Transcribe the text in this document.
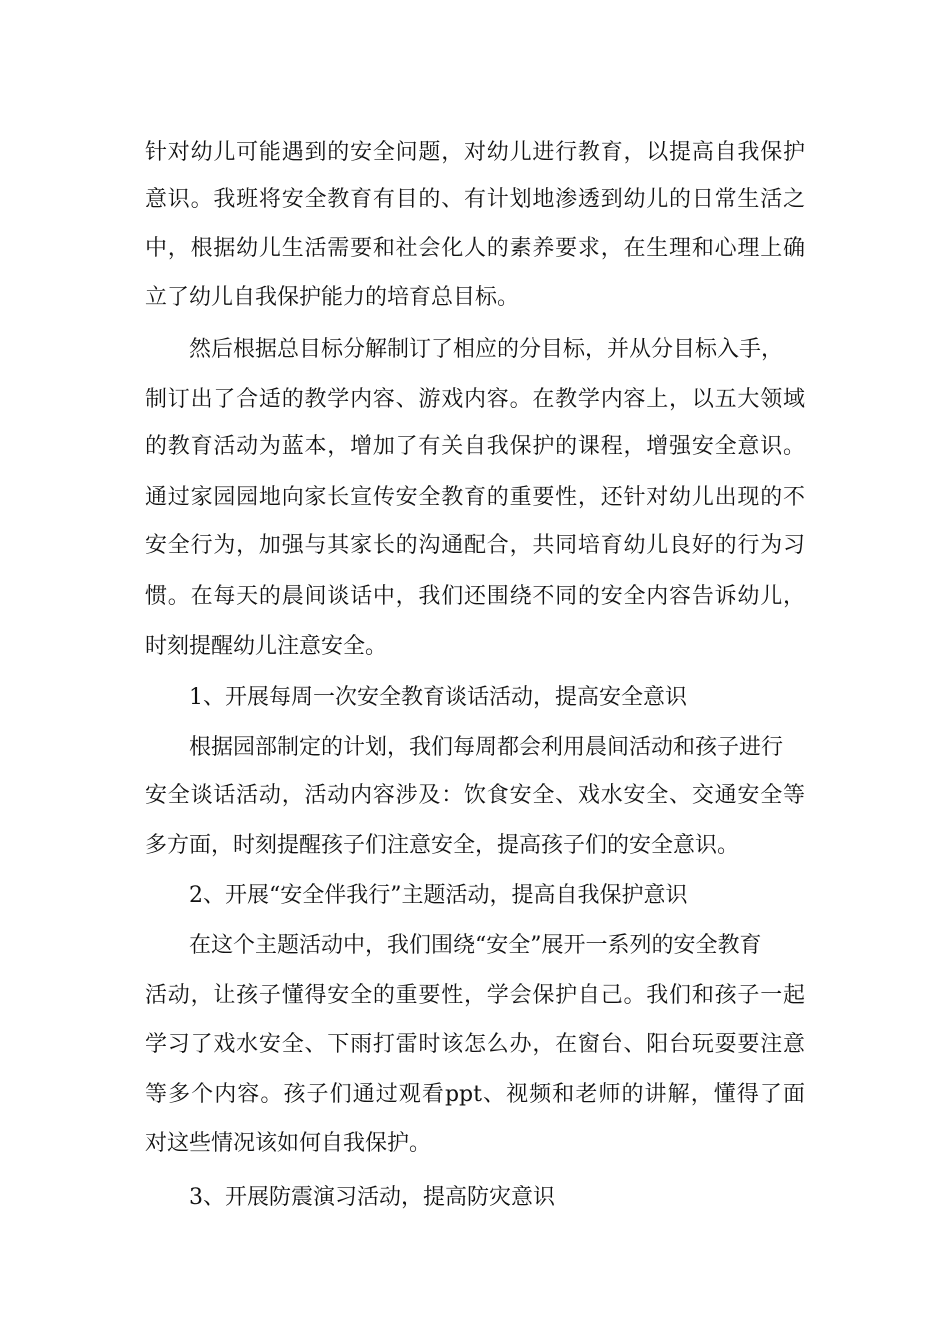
针对幼儿可能遇到的安全问题，对幼儿进行教育，以提高自我保护

意识。我班将安全教育有目的、有计划地渗透到幼儿的日常生活之

中，根据幼儿生活需要和社会化人的素养要求，在生理和心理上确

立了幼儿自我保护能力的培育总目标。

然后根据总目标分解制订了相应的分目标，并从分目标入手，

制订出了合适的教学内容、游戏内容。在教学内容上，以五大领域

的教育活动为蓝本，增加了有关自我保护的课程，增强安全意识。

通过家园园地向家长宣传安全教育的重要性，还针对幼儿出现的不

安全行为，加强与其家长的沟通配合，共同培育幼儿良好的行为习

惯。在每天的晨间谈话中，我们还围绕不同的安全内容告诉幼儿，

时刻提醒幼儿注意安全。

1、开展每周一次安全教育谈话活动，提高安全意识

根据园部制定的计划，我们每周都会利用晨间活动和孩子进行

安全谈话活动，活动内容涉及：饮食安全、戏水安全、交通安全等

多方面，时刻提醒孩子们注意安全，提高孩子们的安全意识。

2、开展“安全伴我行”主题活动，提高自我保护意识

在这个主题活动中，我们围绕“安全”展开一系列的安全教育

活动，让孩子懂得安全的重要性，学会保护自己。我们和孩子一起

学习了戏水安全、下雨打雷时该怎么办，在窗台、阳台玩耍要注意

等多个内容。孩子们通过观看ppt、视频和老师的讲解，懂得了面

对这些情况该如何自我保护。

3、开展防震演习活动，提高防灾意识
